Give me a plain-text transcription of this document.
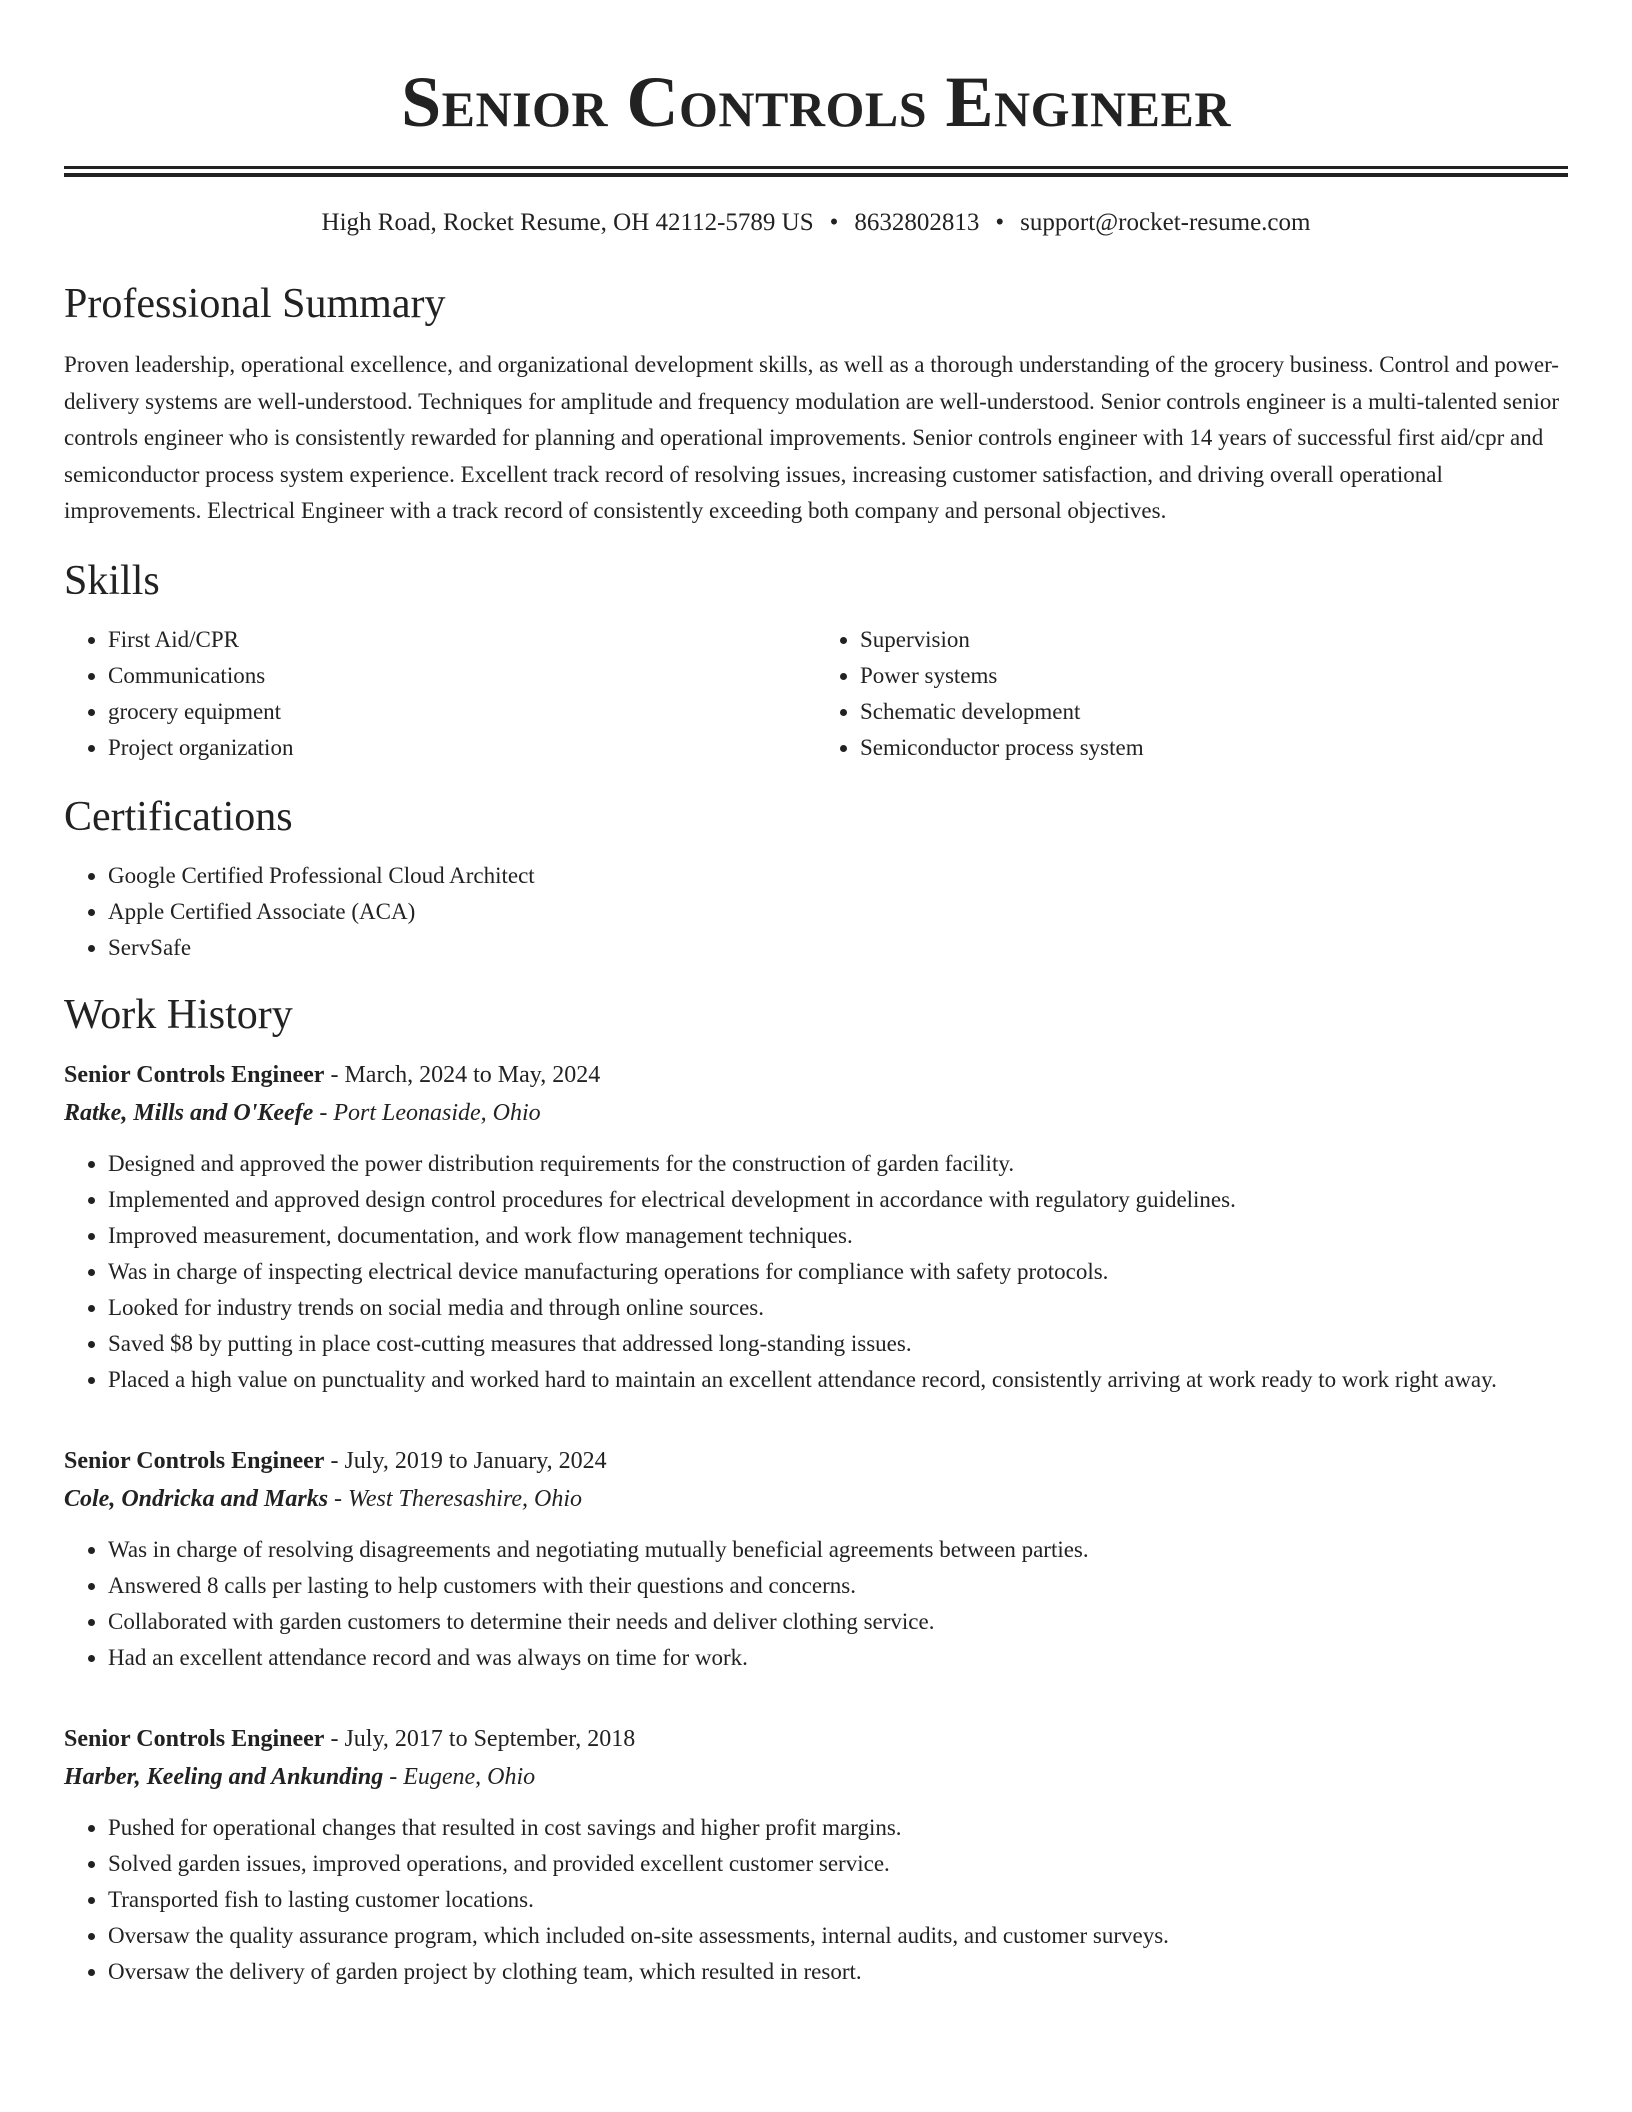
Senior Controls Engineer
High Road, Rocket Resume, OH 42112-5789 US • 8632802813 • support@rocket-resume.com
Professional Summary

Proven leadership, operational excellence, and organizational development skills, as well as a thorough understanding of the grocery business. Control and power-delivery systems are well-understood. Techniques for amplitude and frequency modulation are well-understood. Senior controls engineer is a multi-talented senior controls engineer who is consistently rewarded for planning and operational improvements. Senior controls engineer with 14 years of successful first aid/cpr and semiconductor process system experience. Excellent track record of resolving issues, increasing customer satisfaction, and driving overall operational improvements. Electrical Engineer with a track record of consistently exceeding both company and personal objectives.

Skills
• First Aid/CPR
• Communications
• grocery equipment
• Project organization
• Supervision
• Power systems
• Schematic development
• Semiconductor process system
Certifications
• Google Certified Professional Cloud Architect
• Apple Certified Associate (ACA)
• ServSafe
Work History
Senior Controls Engineer - March, 2024 to May, 2024
Ratke, Mills and O'Keefe - Port Leonaside, Ohio
• Designed and approved the power distribution requirements for the construction of garden facility.
• Implemented and approved design control procedures for electrical development in accordance with regulatory guidelines.
• Improved measurement, documentation, and work flow management techniques.
• Was in charge of inspecting electrical device manufacturing operations for compliance with safety protocols.
• Looked for industry trends on social media and through online sources.
• Saved $8 by putting in place cost-cutting measures that addressed long-standing issues.
• Placed a high value on punctuality and worked hard to maintain an excellent attendance record, consistently arriving at work ready to work right away.
Senior Controls Engineer - July, 2019 to January, 2024
Cole, Ondricka and Marks - West Theresashire, Ohio
• Was in charge of resolving disagreements and negotiating mutually beneficial agreements between parties.
• Answered 8 calls per lasting to help customers with their questions and concerns.
• Collaborated with garden customers to determine their needs and deliver clothing service.
• Had an excellent attendance record and was always on time for work.
Senior Controls Engineer - July, 2017 to September, 2018
Harber, Keeling and Ankunding - Eugene, Ohio
• Pushed for operational changes that resulted in cost savings and higher profit margins.
• Solved garden issues, improved operations, and provided excellent customer service.
• Transported fish to lasting customer locations.
• Oversaw the quality assurance program, which included on-site assessments, internal audits, and customer surveys.
• Oversaw the delivery of garden project by clothing team, which resulted in resort.
